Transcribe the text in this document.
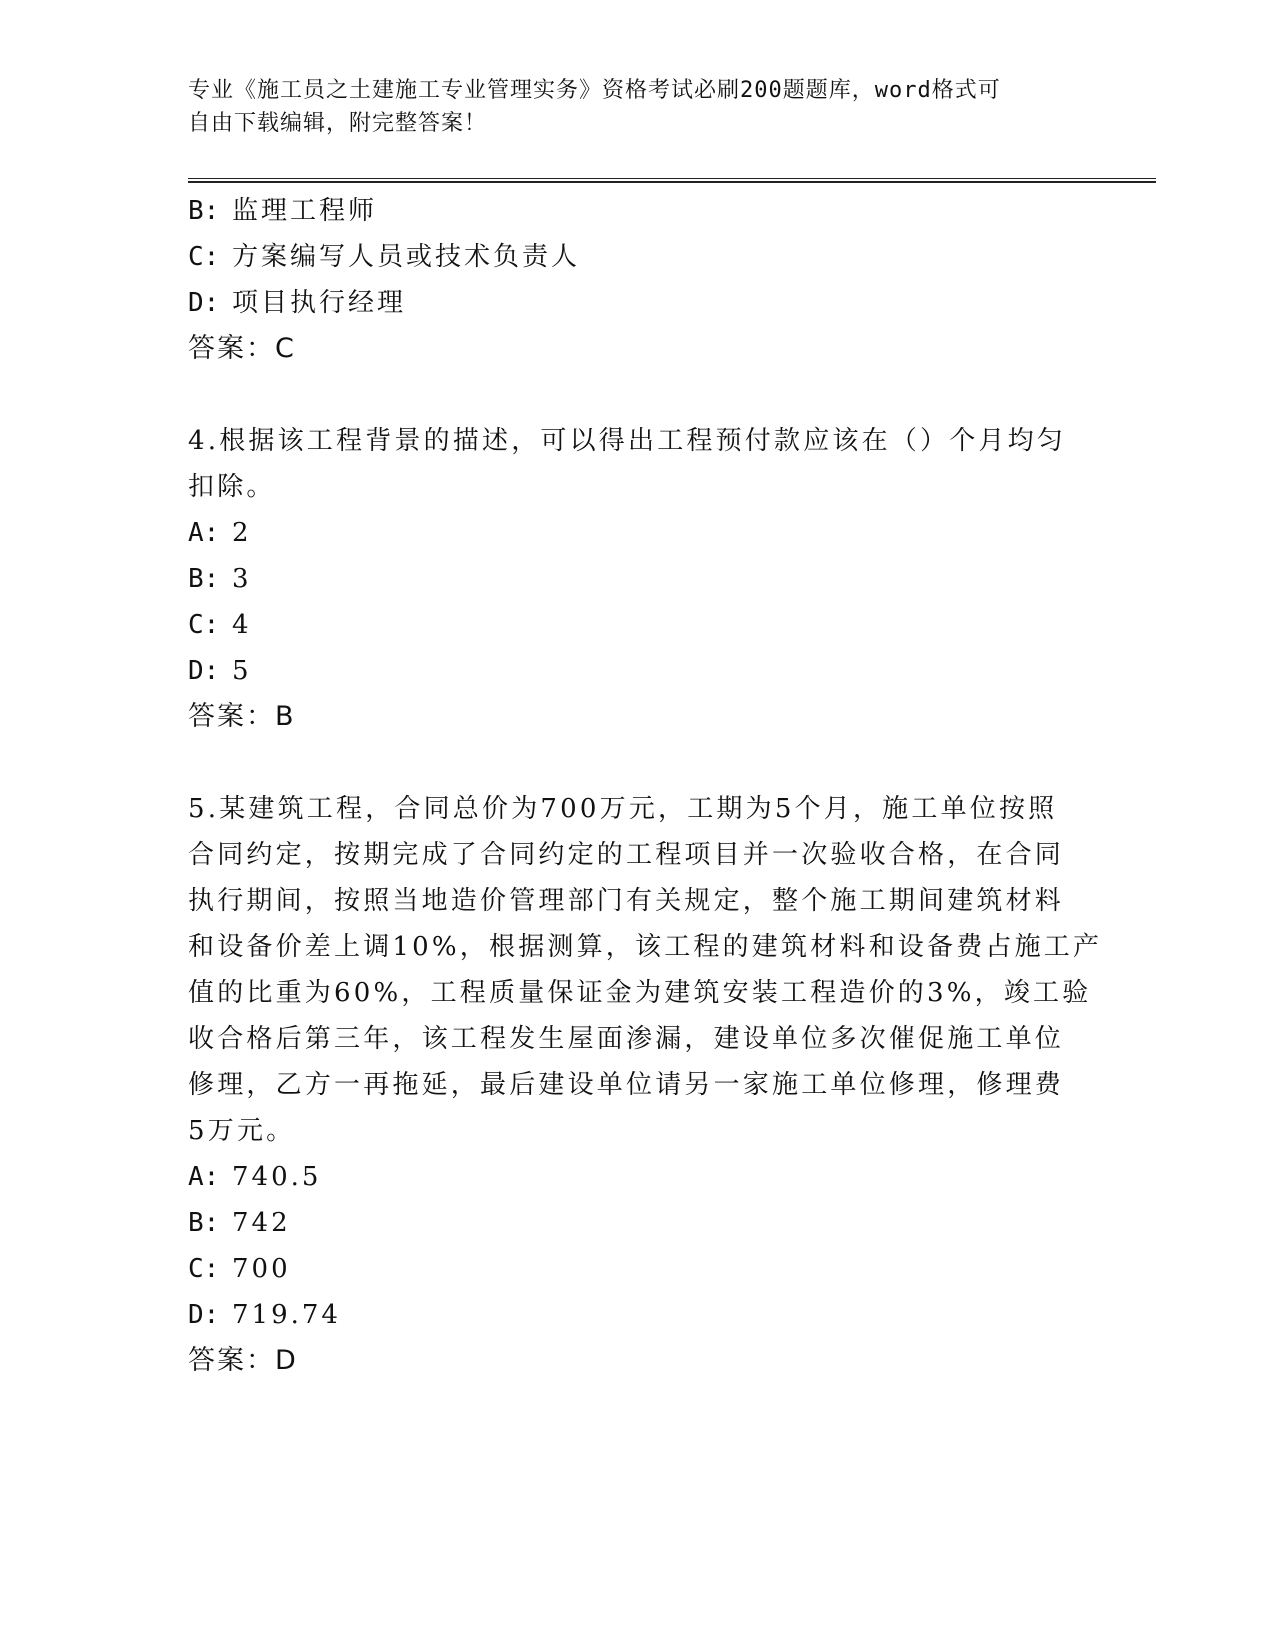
专业《施工员之土建施工专业管理实务》资格考试必刷200题题库，word格式可
自由下载编辑，附完整答案！
B: 监理工程师
C: 方案编写人员或技术负责人
D: 项目执行经理
答案：C
4.根据该工程背景的描述，可以得出工程预付款应该在（）个月均匀
扣除。
A: 2
B: 3
C: 4
D: 5
答案：B
5.某建筑工程，合同总价为700万元，工期为5个月，施工单位按照
合同约定，按期完成了合同约定的工程项目并一次验收合格，在合同
执行期间，按照当地造价管理部门有关规定，整个施工期间建筑材料
和设备价差上调10%，根据测算，该工程的建筑材料和设备费占施工产
值的比重为60%，工程质量保证金为建筑安装工程造价的3%，竣工验
收合格后第三年，该工程发生屋面渗漏，建设单位多次催促施工单位
修理，乙方一再拖延，最后建设单位请另一家施工单位修理，修理费
5万元。
A: 740.5
B: 742
C: 700
D: 719.74
答案：D
